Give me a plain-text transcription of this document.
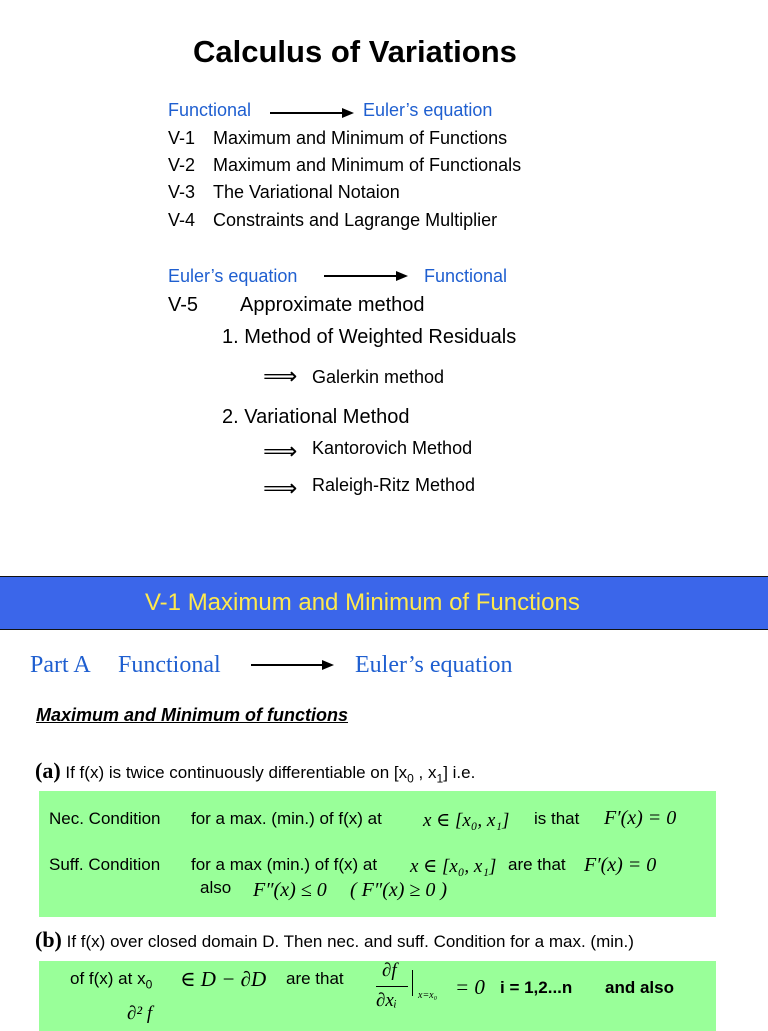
Calculus of Variations
Functional	Euler’s equation
V-1 Maximum and Minimum of Functions
V-2 Maximum and Minimum of Functionals
V-3 The Variational Notaion
V-4 Constraints and Lagrange Multiplier
Euler’s equation	Functional
V-5 Approximate method
1. Method of Weighted Residuals
⟹ Galerkin method
2. Variational Method
⟹ Kantorovich Method
⟹ Raleigh-Ritz Method
V-1 Maximum and Minimum of Functions
Part A Functional	Euler’s equation
Maximum and Minimum of functions
(a) If f(x) is twice continuously differentiable on [$x_0$ , $x_1$] i.e.
Nec. Condition for a max. (min.) of f(x) at x ∈ [x₀, x₁] is that F′(x) = 0
Suff. Condition for a max (min.) of f(x) at x ∈ [x₀, x₁] are that F′(x) = 0
also F″(x) ≤ 0 ( F″(x) ≥ 0 )
(b) If f(x) over closed domain D. Then nec. and suff. Condition for a max. (min.)
of f(x) at $x_0$ ∈ D − ∂D are that ∂f
∂xᵢ x=x₀ = 0 i = 1,2...n and also
∂² f
